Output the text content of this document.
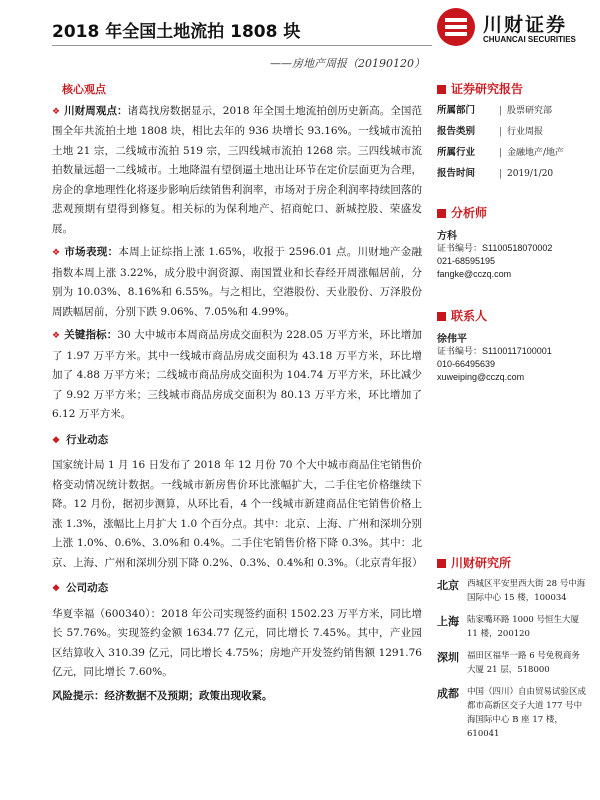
2018 年全国土地流拍 1808 块
——房地产周报（20190120）
川财证券
CHUANCAI SECURITIES
核心观点

❖ 川财周观点：诸葛找房数据显示，2018 年全国土地流拍创历史新高。全国范围全年共流拍土地 1808 块，相比去年的 936 块增长 93.16%。一线城市流拍土地 21 宗，二线城市流拍 519 宗，三四线城市流拍 1268 宗。三四线城市流拍数量远超一二线城市。土地降温有望倒逼土地出让环节在定价层面更为合理，房企的拿地理性化将逐步影响后续销售利润率，市场对于房企利润率持续回落的悲观预期有望得到修复。相关标的为保利地产、招商蛇口、新城控股、荣盛发展。

❖ 市场表现：本周上证综指上涨 1.65%，收报于 2596.01 点。川财地产金融指数本周上涨 3.22%，成分股中润资源、南国置业和长春经开周涨幅居前，分别为 10.03%、8.16%和 6.55%。与之相比，空港股份、天业股份、万泽股份周跌幅居前，分别下跌 9.06%、7.05%和 4.99%。

❖ 关键指标：30 大中城市本周商品房成交面积为 228.05 万平方米，环比增加了 1.97 万平方米。其中一线城市商品房成交面积为 43.18 万平方米，环比增加了 4.88 万平方米；二线城市商品房成交面积为 104.74 万平方米，环比减少了 9.92 万平方米；三线城市商品房成交面积为 80.13 万平方米，环比增加了 6.12 万平方米。

❖ 行业动态

国家统计局 1 月 16 日发布了 2018 年 12 月份 70 个大中城市商品住宅销售价格变动情况统计数据。一线城市新房售价环比涨幅扩大，二手住宅价格继续下降。12 月份，据初步测算，从环比看，4 个一线城市新建商品住宅销售价格上涨 1.3%，涨幅比上月扩大 1.0 个百分点。其中：北京、上海、广州和深圳分别上涨 1.0%、0.6%、3.0%和 0.4%。二手住宅销售价格下降 0.3%。其中：北京、上海、广州和深圳分别下降 0.2%、0.3%、0.4%和 0.3%。（北京青年报）

❖ 公司动态

华夏幸福（600340）：2018 年公司实现签约面积 1502.23 万平方米，同比增长 57.76%。实现签约金额 1634.77 亿元，同比增长 7.45%。其中，产业园区结算收入 310.39 亿元，同比增长 4.75%；房地产开发签约销售额 1291.76 亿元，同比增长 7.60%。

风险提示：经济数据不及预期；政策出现收紧。

证券研究报告
所属部门	| 股票研究部
报告类别	| 行业周报
所属行业	| 金融地产/地产
报告时间	| 2019/1/20
分析师
方科
证书编号：S1100518070002
021-68595195
fangke@cczq.com
联系人
徐伟平
证书编号：S1100117100001
010-66495639
xuweiping@cczq.com
川财研究所
北京 西城区平安里西大街 28 号中海国际中心 15 楼，100034
上海 陆家嘴环路 1000 号恒生大厦 11 楼，200120
深圳 福田区福华一路 6 号免税商务大厦 21 层，518000
成都 中国（四川）自由贸易试验区成都市高新区交子大道 177 号中海国际中心 B 座 17 楼，610041
